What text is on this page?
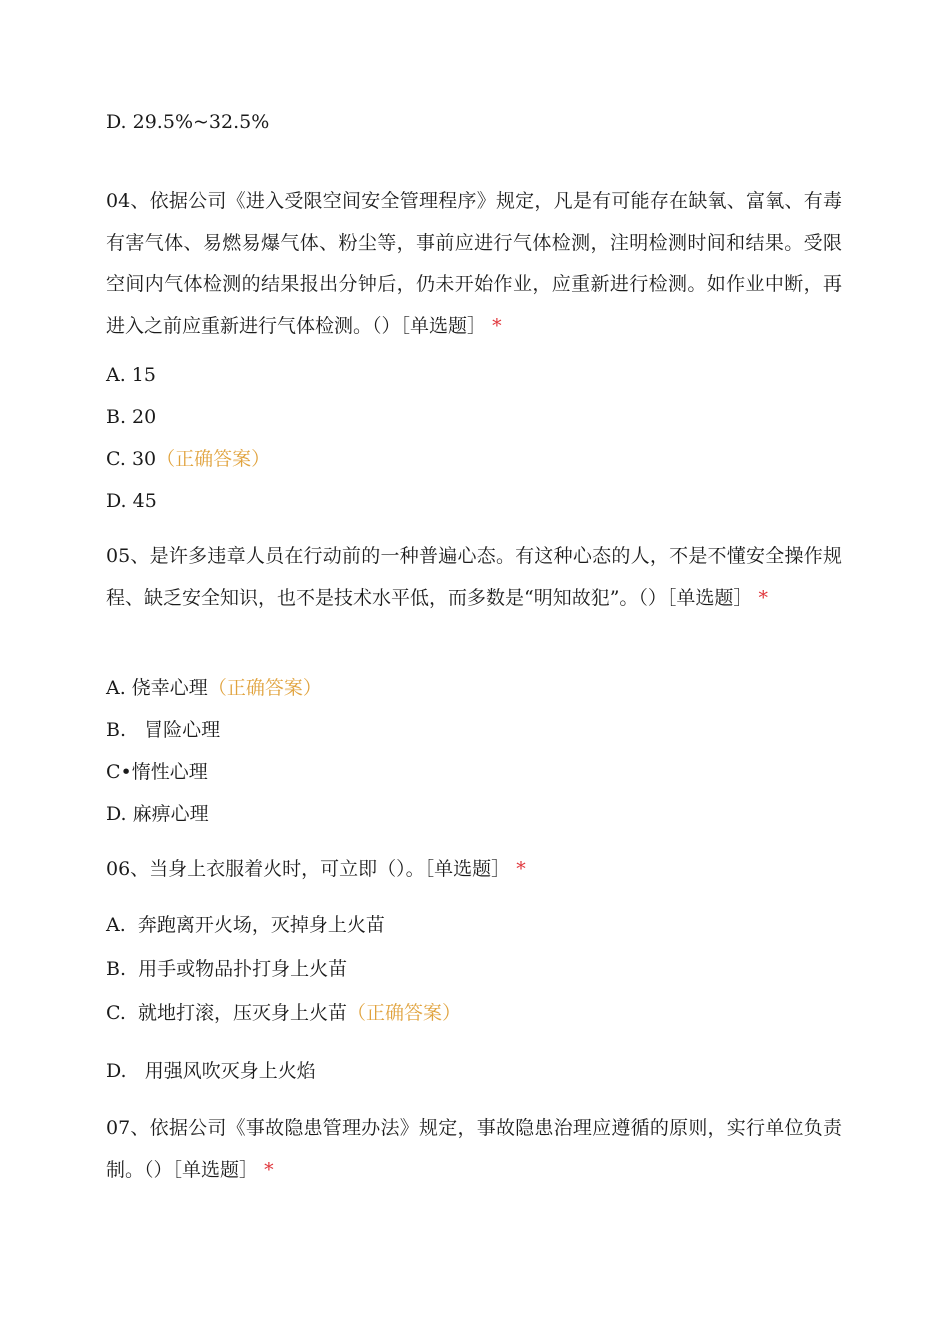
D. 29.5%~32.5%
04、依据公司《进入受限空间安全管理程序》规定，凡是有可能存在缺氧、富氧、有毒有害气体、易燃易爆气体、粉尘等，事前应进行气体检测，注明检测时间和结果。受限空间内气体检测的结果报出分钟后，仍未开始作业，应重新进行检测。如作业中断，再进入之前应重新进行气体检测。（）［单选题］ *
A. 15
B. 20
C. 30（正确答案）
D. 45
05、是许多违章人员在行动前的一种普遍心态。有这种心态的人，不是不懂安全操作规程、缺乏安全知识，也不是技术水平低，而多数是“明知故犯”。（）［单选题］ *
A. 侥幸心理（正确答案）
B.   冒险心理
C•惰性心理
D. 麻痹心理
06、当身上衣服着火时，可立即（）。［单选题］ *
A.  奔跑离开火场，灭掉身上火苗
B.  用手或物品扑打身上火苗
C.  就地打滚，压灭身上火苗（正确答案）
D.   用强风吹灭身上火焰
07、依据公司《事故隐患管理办法》规定，事故隐患治理应遵循的原则，实行单位负责制。（）［单选题］ *
